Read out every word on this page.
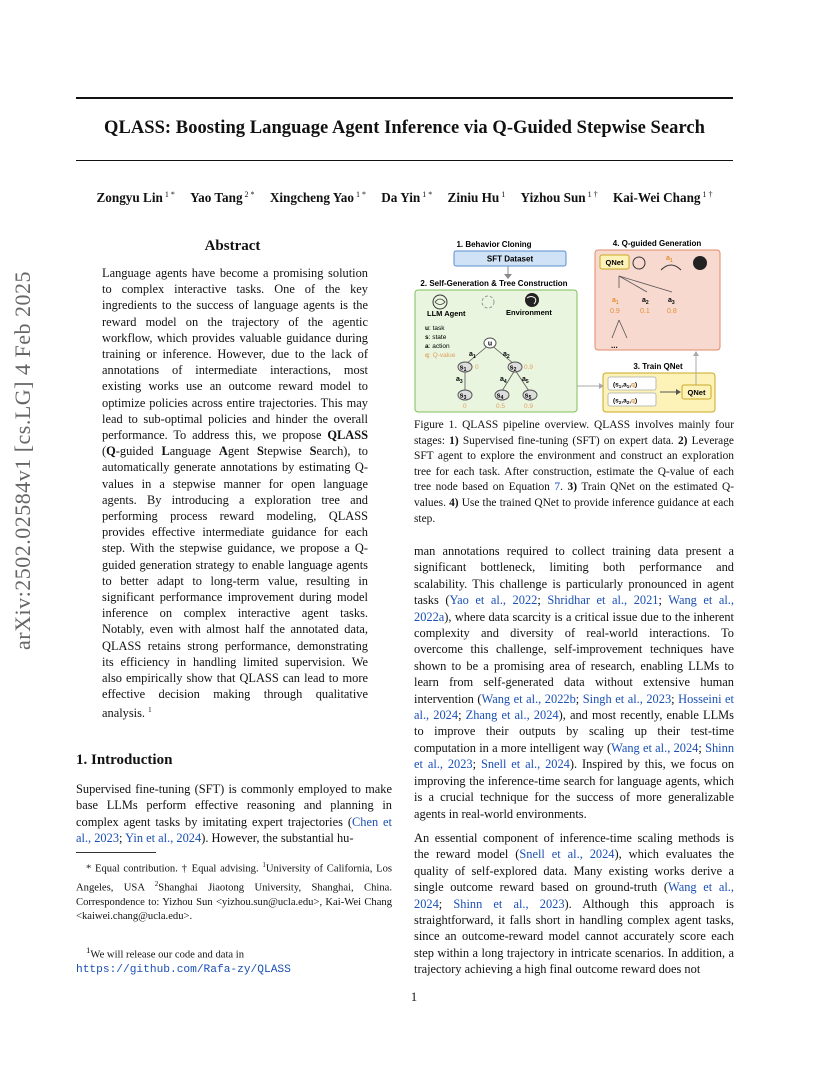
QLASS: Boosting Language Agent Inference via Q-Guided Stepwise Search
Zongyu Lin $^{1 *}$ Yao Tang $^{2 *}$ Xingcheng Yao $^{1 *}$ Da Yin $^{1 *}$ Ziniu Hu $^1$ Yizhou Sun $^{1 \dagger}$ Kai-Wei Chang $^{1 \dagger}$
arXiv:2502.02584v1 [cs.LG] 4 Feb 2025
Abstract
Language agents have become a promising solution to complex interactive tasks. One of the key ingredients to the success of language agents is the reward model on the trajectory of the agentic workflow, which provides valuable guidance during training or inference. However, due to the lack of annotations of intermediate interactions, most existing works use an outcome reward model to optimize policies across entire trajectories. This may lead to sub-optimal policies and hinder the overall performance. To address this, we propose QLASS (Q-guided Language Agent Stepwise Search), to automatically generate annotations by estimating Q-values in a stepwise manner for open language agents. By introducing a exploration tree and performing process reward modeling, QLASS provides effective intermediate guidance for each step. With the stepwise guidance, we propose a Q-guided generation strategy to enable language agents to better adapt to long-term value, resulting in significant performance improvement during model inference on complex interactive agent tasks. Notably, even with almost half the annotated data, QLASS retains strong performance, demonstrating its efficiency in handling limited supervision. We also empirically show that QLASS can lead to more effective decision making through qualitative analysis. $^1$
1. Introduction
Supervised fine-tuning (SFT) is commonly employed to make base LLMs perform effective reasoning and planning in complex agent tasks by imitating expert trajectories (Chen et al., 2023; Yin et al., 2024). However, the substantial hu-

* Equal contribution. † Equal advising. $^1$University of California, Los Angeles, USA $^2$Shanghai Jiaotong University, Shanghai, China. Correspondence to: Yizhou Sun <yizhou.sun@ucla.edu>, Kai-Wei Chang <kaiwei.chang@ucla.edu>.

$^1$We will release our code and data in https://github.com/Rafa-zy/QLASS
1. Behavior Cloning
SFT Dataset
2. Self-Generation & Tree Construction
LLM Agent	Environment
u: task
s: state
a: action
q: Q-value
u
$a_1$	$a_2$
$s_1$ 0	$s_2$ 0.9
$a_3$	$a_4$ $a_5$
$s_3$
0
$s_4$
0.5
$s_5$
0.9
4. Q-guided Generation
QNet	$a_1$
$a_1$	$a_2$	$a_3$
0.9	0.1 0.8
...
3. Train QNet
$(s_1,a_1,q)$
$(s_2,a_2,q)$
QNet
Figure 1. QLASS pipeline overview. QLASS involves mainly four stages: 1) Supervised fine-tuning (SFT) on expert data. 2) Leverage SFT agent to explore the environment and construct an exploration tree for each task. After construction, estimate the Q-value of each tree node based on Equation 7. 3) Train QNet on the estimated Q-values. 4) Use the trained QNet to provide inference guidance at each step.

man annotations required to collect training data present a significant bottleneck, limiting both performance and scalability. This challenge is particularly pronounced in agent tasks (Yao et al., 2022; Shridhar et al., 2021; Wang et al., 2022a), where data scarcity is a critical issue due to the inherent complexity and diversity of real-world interactions. To overcome this challenge, self-improvement techniques have shown to be a promising area of research, enabling LLMs to learn from self-generated data without extensive human intervention (Wang et al., 2022b; Singh et al., 2023; Hosseini et al., 2024; Zhang et al., 2024), and most recently, enable LLMs to improve their outputs by scaling up their test-time computation in a more intelligent way (Wang et al., 2024; Shinn et al., 2023; Snell et al., 2024). Inspired by this, we focus on improving the inference-time search for language agents, which is a crucial technique for the success of more generalizable agents in real-world environments.

An essential component of inference-time scaling methods is the reward model (Snell et al., 2024), which evaluates the quality of self-explored data. Many existing works derive a single outcome reward based on ground-truth (Wang et al., 2024; Shinn et al., 2023). Although this approach is straightforward, it falls short in handling complex agent tasks, since an outcome-reward model cannot accurately score each step within a long trajectory in intricate scenarios. In addition, a trajectory achieving a high final outcome reward does not

1
